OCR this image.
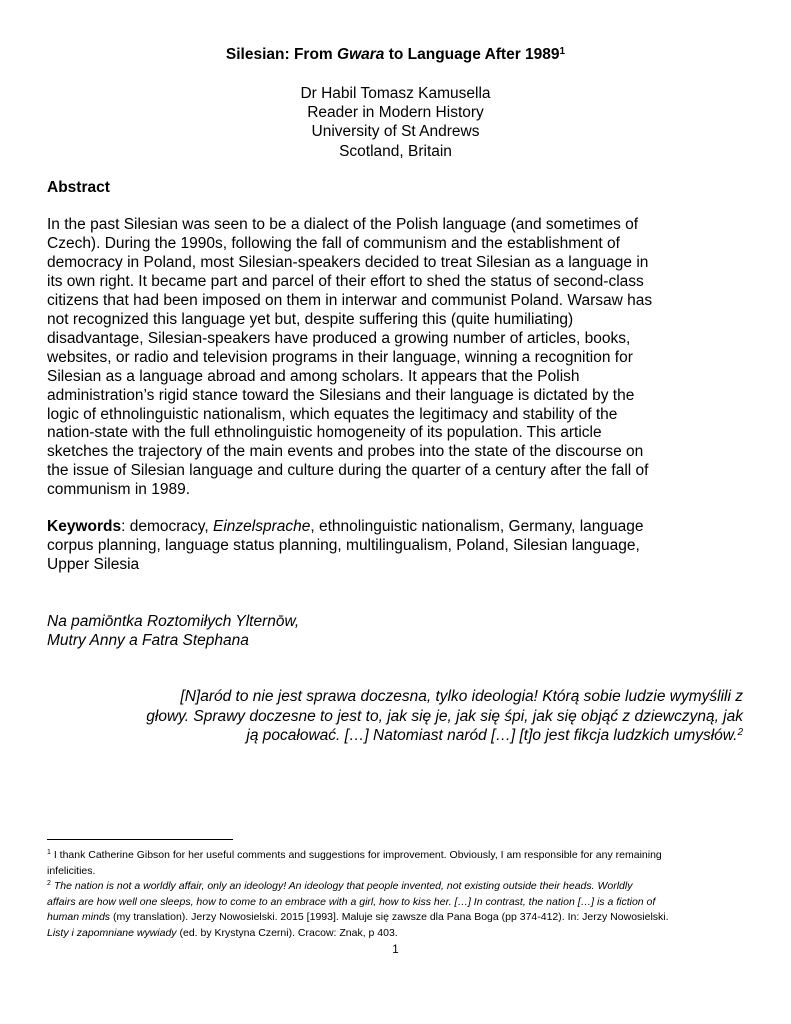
Silesian: From Gwara to Language After 1989$^1$
Dr Habil Tomasz Kamusella
Reader in Modern History
University of St Andrews
Scotland, Britain
Abstract
In the past Silesian was seen to be a dialect of the Polish language (and sometimes of
Czech). During the 1990s, following the fall of communism and the establishment of
democracy in Poland, most Silesian-speakers decided to treat Silesian as a language in
its own right. It became part and parcel of their effort to shed the status of second-class
citizens that had been imposed on them in interwar and communist Poland. Warsaw has
not recognized this language yet but, despite suffering this (quite humiliating)
disadvantage, Silesian-speakers have produced a growing number of articles, books,
websites, or radio and television programs in their language, winning a recognition for
Silesian as a language abroad and among scholars. It appears that the Polish
administration’s rigid stance toward the Silesians and their language is dictated by the
logic of ethnolinguistic nationalism, which equates the legitimacy and stability of the
nation-state with the full ethnolinguistic homogeneity of its population. This article
sketches the trajectory of the main events and probes into the state of the discourse on
the issue of Silesian language and culture during the quarter of a century after the fall of
communism in 1989.
Keywords: democracy, Einzelsprache, ethnolinguistic nationalism, Germany, language
corpus planning, language status planning, multilingualism, Poland, Silesian language,
Upper Silesia
Na pamiōntka Roztomiłych Ylternōw,
Mutry Anny a Fatra Stephana
[N]aród to nie jest sprawa doczesna, tylko ideologia! Którą sobie ludzie wymyślili z
głowy. Sprawy doczesne to jest to, jak się je, jak się śpi, jak się objąć z dziewczyną, jak
ją pocałować. […] Natomiast naród […] [t]o jest fikcja ludzkich umysłów.$^2$
$^1$ I thank Catherine Gibson for her useful comments and suggestions for improvement. Obviously, I am responsible for any remaining
infelicities.
$^2$ The nation is not a worldly affair, only an ideology! An ideology that people invented, not existing outside their heads. Worldly
affairs are how well one sleeps, how to come to an embrace with a girl, how to kiss her. […] In contrast, the nation […] is a fiction of
human minds (my translation). Jerzy Nowosielski. 2015 [1993]. Maluje się zawsze dla Pana Boga (pp 374-412). In: Jerzy Nowosielski.
Listy i zapomniane wywiady (ed. by Krystyna Czerni). Cracow: Znak, p 403.
1
